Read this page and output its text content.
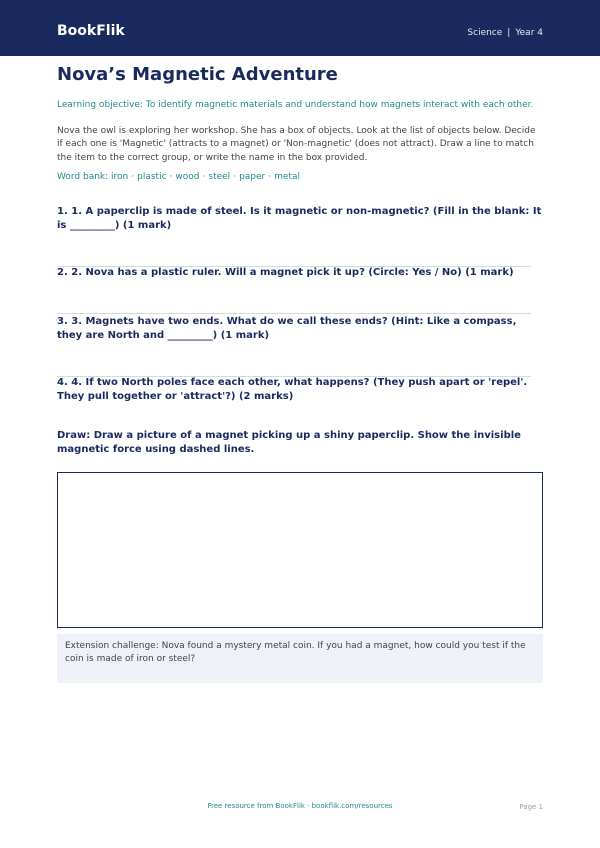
BookFlik	Science | Year 4
Nova’s Magnetic Adventure
Learning objective: To identify magnetic materials and understand how magnets interact with each other.
Nova the owl is exploring her workshop. She has a box of objects. Look at the list of objects below. Decide if each one is 'Magnetic' (attracts to a magnet) or 'Non-magnetic' (does not attract). Draw a line to match the item to the correct group, or write the name in the box provided.
Word bank: iron · plastic · wood · steel · paper · metal
1. 1. A paperclip is made of steel. Is it magnetic or non-magnetic? (Fill in the blank: It is _________) (1 mark)
2. 2. Nova has a plastic ruler. Will a magnet pick it up? (Circle: Yes / No) (1 mark)
3. 3. Magnets have two ends. What do we call these ends? (Hint: Like a compass, they are North and _________) (1 mark)
4. 4. If two North poles face each other, what happens? (They push apart or 'repel'. They pull together or 'attract'?) (2 marks)
Draw: Draw a picture of a magnet picking up a shiny paperclip. Show the invisible magnetic force using dashed lines.
Extension challenge: Nova found a mystery metal coin. If you had a magnet, how could you test if the coin is made of iron or steel?
Free resource from BookFlik · bookflik.com/resources	Page 1
